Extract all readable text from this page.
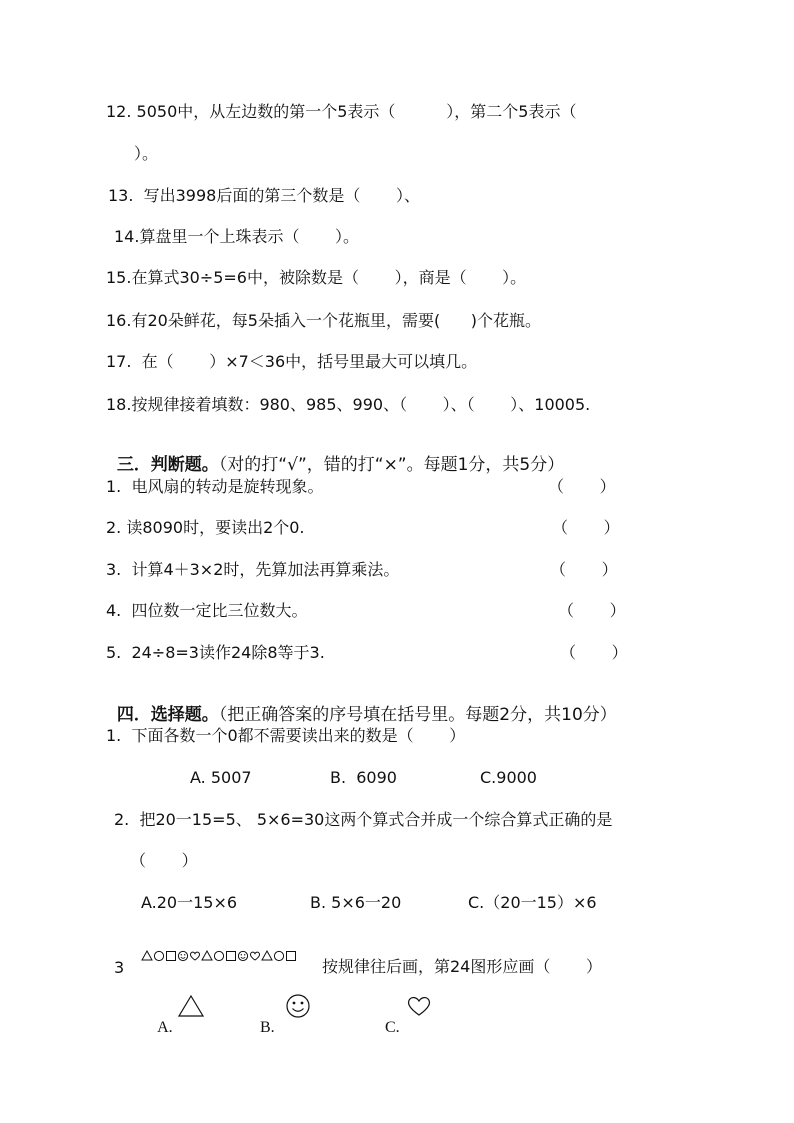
12. 5050中，从左边数的第一个5表示（          ），第二个5表示（
）。
13.  写出3998后面的第三个数是（       ）、
14.算盘里一个上珠表示（       ）。
15.在算式30÷5=6中，被除数是（       ），商是（       ）。
16.有20朵鲜花，每5朵插入一个花瓶里，需要(      )个花瓶。
17.  在（       ）×7＜36中，括号里最大可以填几。
18.按规律接着填数：980、985、990、（       ）、（       ）、10005.

三．判断题。（对的打“√”，错的打“×”。每题1分，共5分）

1.  电风扇的转动是旋转现象。	（       ）
2. 读8090时，要读出2个0.	（       ）
3.  计算4＋3×2时，先算加法再算乘法。	（       ）
4.  四位数一定比三位数大。	（       ）
5.  24÷8=3读作24除8等于3.	（       ）

四．选择题。（把正确答案的序号填在括号里。每题2分，共10分）

1.  下面各数一个0都不需要读出来的数是（       ）
A. 5007	B.  6090	C.9000
2.  把20一15=5、 5×6=30这两个算式合并成一个综合算式正确的是
（       ）
A.20一15×6	B. 5×6一20	C.（20一15）×6
3	按规律往后画，第24图形应画（       ）

A.	B.	C.
